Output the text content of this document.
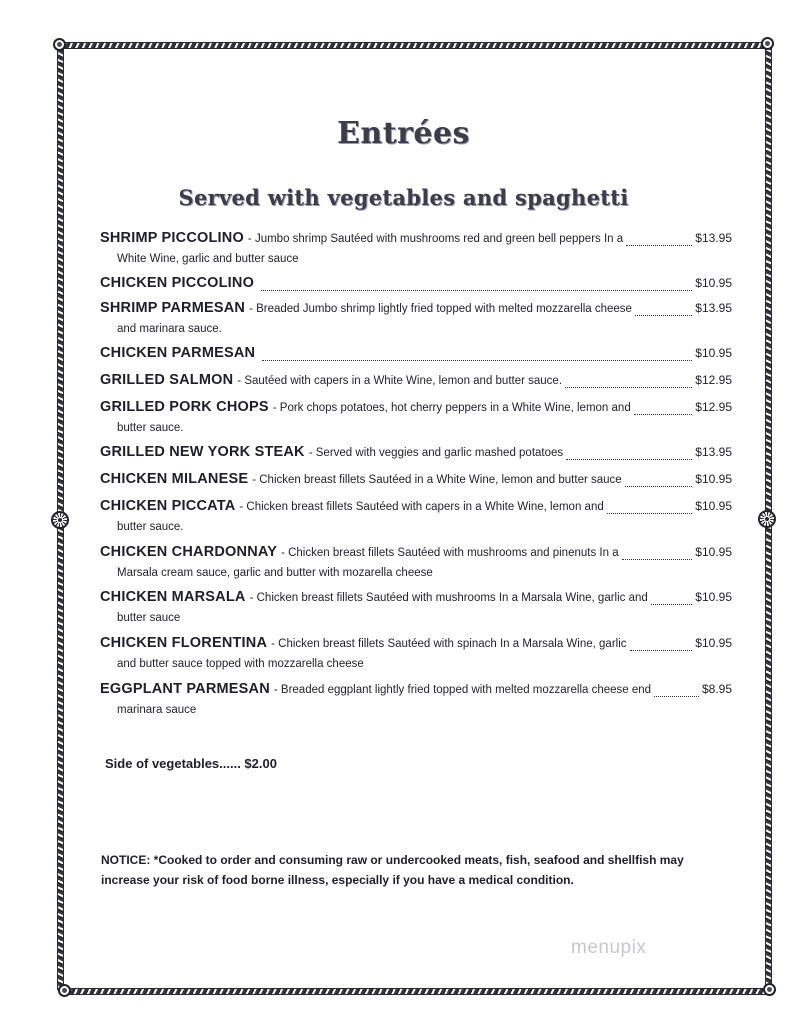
Entrées
Served with vegetables and spaghetti
SHRIMP PICCOLINO - Jumbo shrimp Sautéed with mushrooms red and green bell peppers In a	$13.95
White Wine, garlic and butter sauce
CHICKEN PICCOLINO	$10.95
SHRIMP PARMESAN - Breaded Jumbo shrimp lightly fried topped with melted mozzarella cheese	$13.95
and marinara sauce.
CHICKEN PARMESAN	$10.95
GRILLED SALMON - Sautéed with capers in a White Wine, lemon and butter sauce.	$12.95
GRILLED PORK CHOPS - Pork chops potatoes, hot cherry peppers in a White Wine, lemon and	$12.95
butter sauce.
GRILLED NEW YORK STEAK - Served with veggies and garlic mashed potatoes	$13.95
CHICKEN MILANESE - Chicken breast fillets Sautéed in a White Wine, lemon and butter sauce	$10.95
CHICKEN PICCATA - Chicken breast fillets Sautéed with capers in a White Wine, lemon and	$10.95
butter sauce.
CHICKEN CHARDONNAY - Chicken breast fillets Sautéed with mushrooms and pinenuts In a	$10.95
Marsala cream sauce, garlic and butter with mozarella cheese
CHICKEN MARSALA - Chicken breast fillets Sautéed with mushrooms In a Marsala Wine, garlic and	$10.95
butter sauce
CHICKEN FLORENTINA - Chicken breast fillets Sautéed with spinach In a Marsala Wine, garlic	$10.95
and butter sauce topped with mozzarella cheese
EGGPLANT PARMESAN - Breaded eggplant lightly fried topped with melted mozzarella cheese end	$8.95
marinara sauce
Side of vegetables...... $2.00
NOTICE: *Cooked to order and consuming raw or undercooked meats, fish, seafood and shellfish may increase your risk of food borne illness, especially if you have a medical condition.
menupix
